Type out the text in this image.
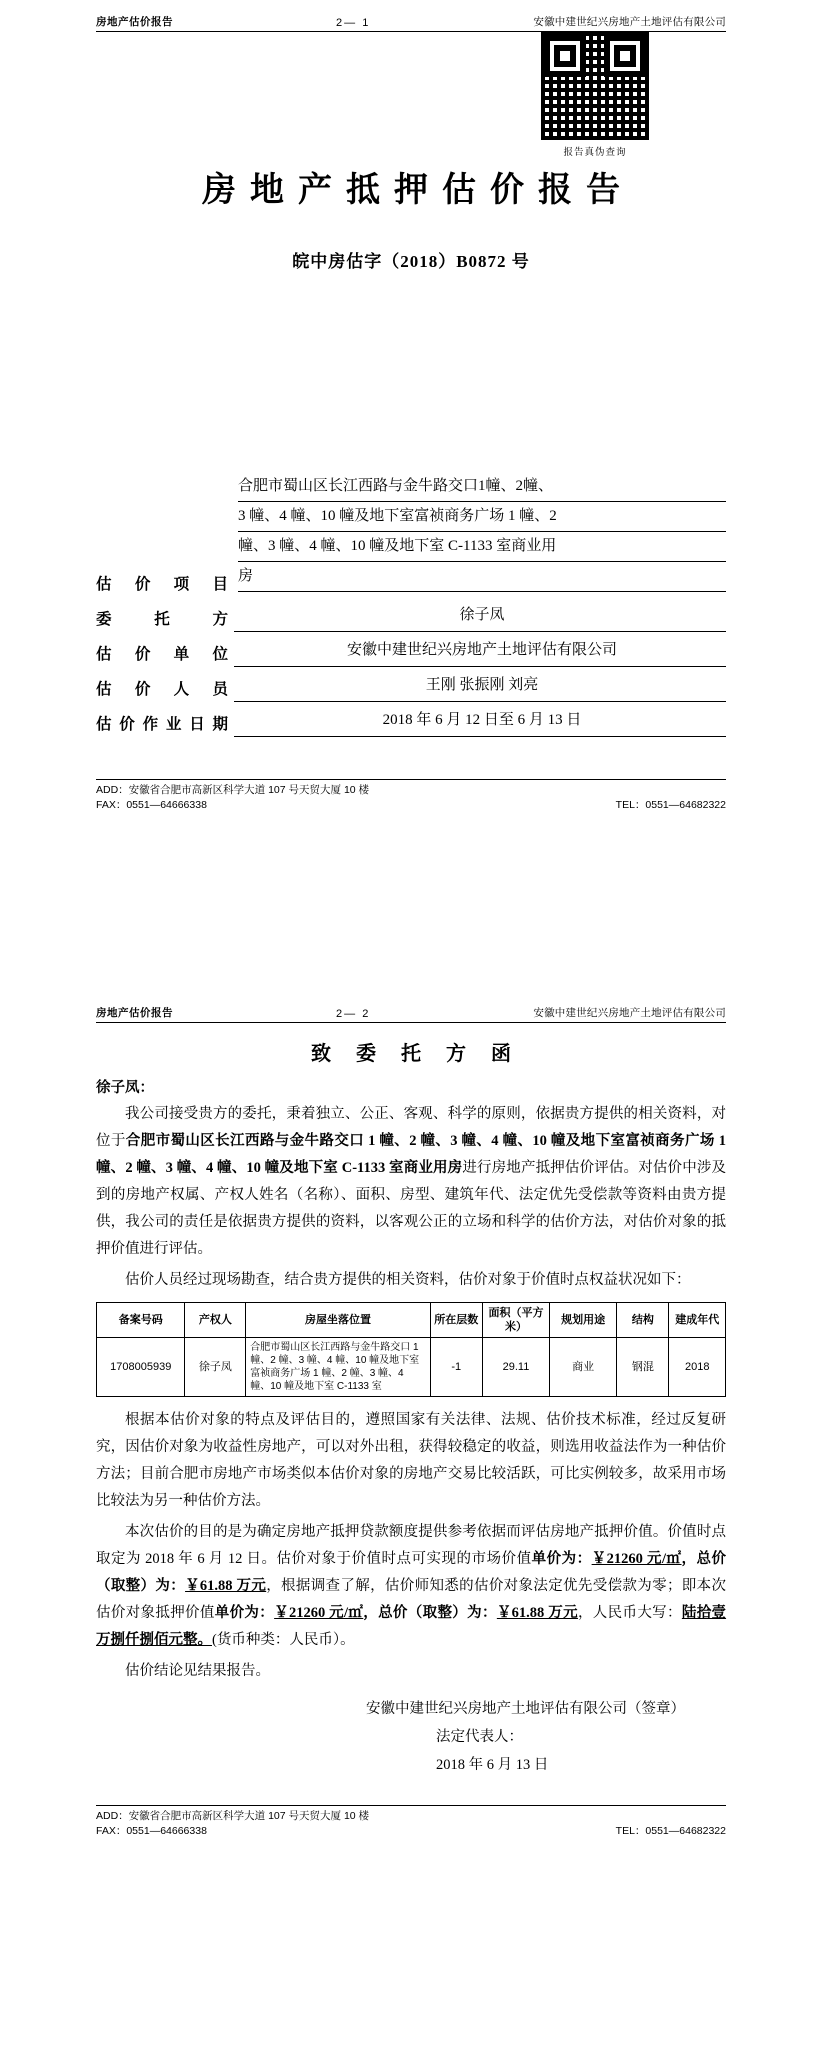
房地产估价报告	2— 1	安徽中建世纪兴房地产土地评估有限公司
房地产抵押估价报告
皖中房估字（2018）B0872 号
估价项目
合肥市蜀山区长江西路与金牛路交口1幢、2幢、
3 幢、4 幢、10 幢及地下室富祯商务广场 1 幢、2
幢、3 幢、4 幢、10 幢及地下室 C-1133 室商业用
房
委托方	徐子凤
估价单位	安徽中建世纪兴房地产土地评估有限公司
估价人员	王刚 张振刚 刘亮
估价作业日期	2018 年 6 月 12 日至 6 月 13 日
ADD：安徽省合肥市高新区科学大道 107 号天贸大厦 10 楼
FAX：0551—64666338	TEL：0551—64682322
报告真伪查询
房地产估价报告	2— 2	安徽中建世纪兴房地产土地评估有限公司
致 委 托 方 函
徐子凤：

我公司接受贵方的委托，秉着独立、公正、客观、科学的原则，依据贵方提供的相关资料，对位于合肥市蜀山区长江西路与金牛路交口 1 幢、2 幢、3 幢、4 幢、10 幢及地下室富祯商务广场 1 幢、2 幢、3 幢、4 幢、10 幢及地下室 C-1133 室商业用房进行房地产抵押估价评估。对估价中涉及到的房地产权属、产权人姓名（名称）、面积、房型、建筑年代、法定优先受偿款等资料由贵方提供，我公司的责任是依据贵方提供的资料，以客观公正的立场和科学的估价方法，对估价对象的抵押价值进行评估。

估价人员经过现场勘查，结合贵方提供的相关资料，估价对象于价值时点权益状况如下：

备案号码	产权人	房屋坐落位置	所在层数	面积（平方米）	规划用途	结构	建成年代
1708005939	徐子凤	合肥市蜀山区长江西路与金牛路交口 1 幢、2 幢、3 幢、4 幢、10 幢及地下室富祯商务广场 1 幢、2 幢、3 幢、4 幢、10 幢及地下室 C-1133 室	-1	29.11	商业	钢混	2018

根据本估价对象的特点及评估目的，遵照国家有关法律、法规、估价技术标准，经过反复研究，因估价对象为收益性房地产，可以对外出租，获得较稳定的收益，则选用收益法作为一种估价方法；目前合肥市房地产市场类似本估价对象的房地产交易比较活跃，可比实例较多，故采用市场比较法为另一种估价方法。

本次估价的目的是为确定房地产抵押贷款额度提供参考依据而评估房地产抵押价值。价值时点取定为 2018 年 6 月 12 日。估价对象于价值时点可实现的市场价值单价为：￥21260 元/㎡，总价（取整）为：￥61.88 万元，根据调查了解，估价师知悉的估价对象法定优先受偿款为零；即本次估价对象抵押价值单价为：￥21260 元/㎡，总价（取整）为：￥61.88 万元，人民币大写：陆拾壹万捌仟捌佰元整。(货币种类：人民币）。

估价结论见结果报告。

安徽中建世纪兴房地产土地评估有限公司（签章）
法定代表人：
2018 年 6 月 13 日
ADD：安徽省合肥市高新区科学大道 107 号天贸大厦 10 楼
FAX：0551—64666338	TEL：0551—64682322
